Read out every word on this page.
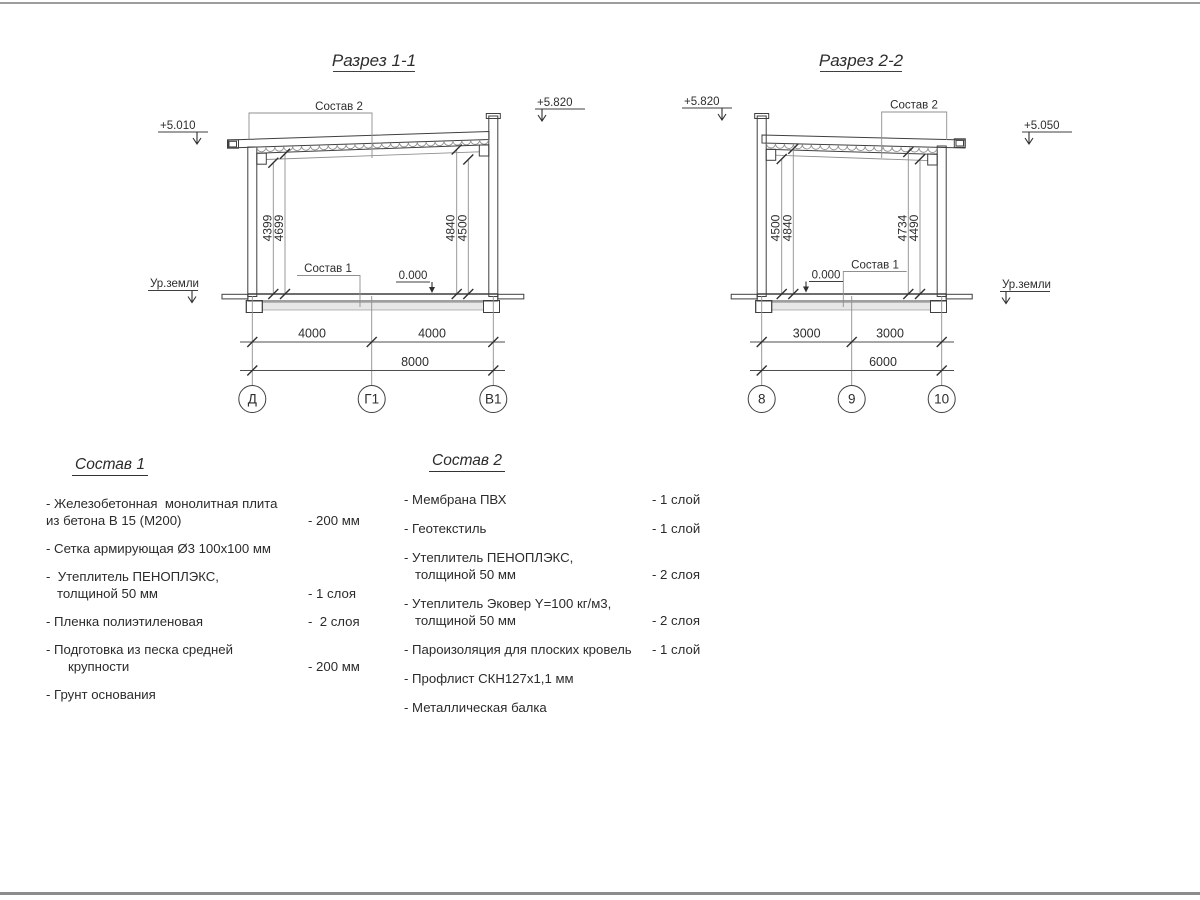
Разрез 1-1
Состав 2
Состав 1
+5.010
+5.820
Ур.земли
0.000
4399
4699	4840
4500
4000	4000
8000
Д	Г1	В1
Разрез 2-2
Состав 2
Состав 1
+5.820
+5.050
Ур.земли
0.000
4500
4840	4734
4490
3000	3000
6000
8	9	10
Состав 1
- Железобетонная  монолитная плита
из бетона В 15 (М200)	- 200 мм
- Сетка армирующая Ø3 100х100 мм
-  Утеплитель ПЕНОПЛЭКС,
толщиной 50 мм	- 1 слоя
- Пленка полиэтиленовая	-  2 слоя
- Подготовка из песка средней
крупности	- 200 мм
- Грунт основания
Состав 2
- Мембрана ПВХ	- 1 слой
- Геотекстиль	- 1 слой
- Утеплитель ПЕНОПЛЭКС,
толщиной 50 мм	- 2 слоя
- Утеплитель Эковер Y=100 кг/м3,
толщиной 50 мм	- 2 слоя
- Пароизоляция для плоских кровель	- 1 слой
- Профлист СКН127х1,1 мм
- Металлическая балка
